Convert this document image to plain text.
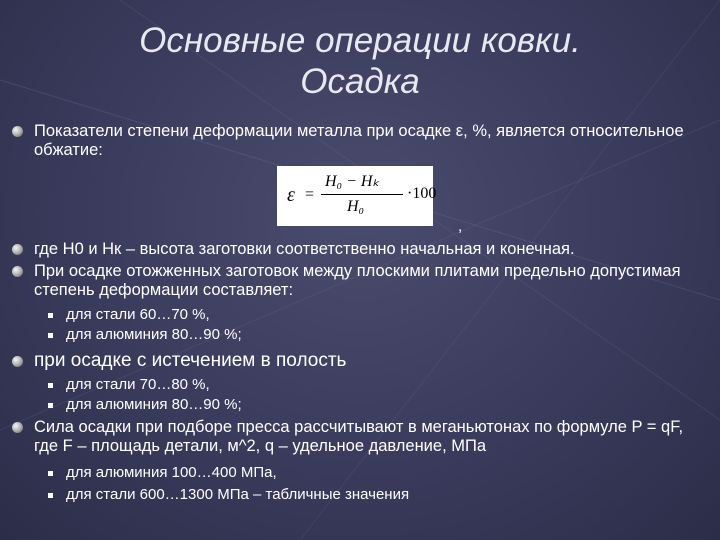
Основные операции ковки.
Осадка
Показатели степени деформации металла при осадке ε, %, является относительное обжатие:
ε =
H₀ − Hₖ
H₀
·100
,
где H0 и Hк – высота заготовки соответственно начальная и конечная.
При осадке отожженных заготовок между плоскими плитами предельно допустимая степень деформации составляет:
для стали 60…70 %,
для алюминия 80…90 %;
при осадке с истечением в полость
для стали 70…80 %,
для алюминия 80…90 %;
Сила осадки при подборе пресса рассчитывают в меганьютонах по формуле P = qF, где F – площадь детали, м^2, q – удельное давление, МПа
для алюминия 100…400 МПа,
для стали 600…1300 МПа – табличные значения
